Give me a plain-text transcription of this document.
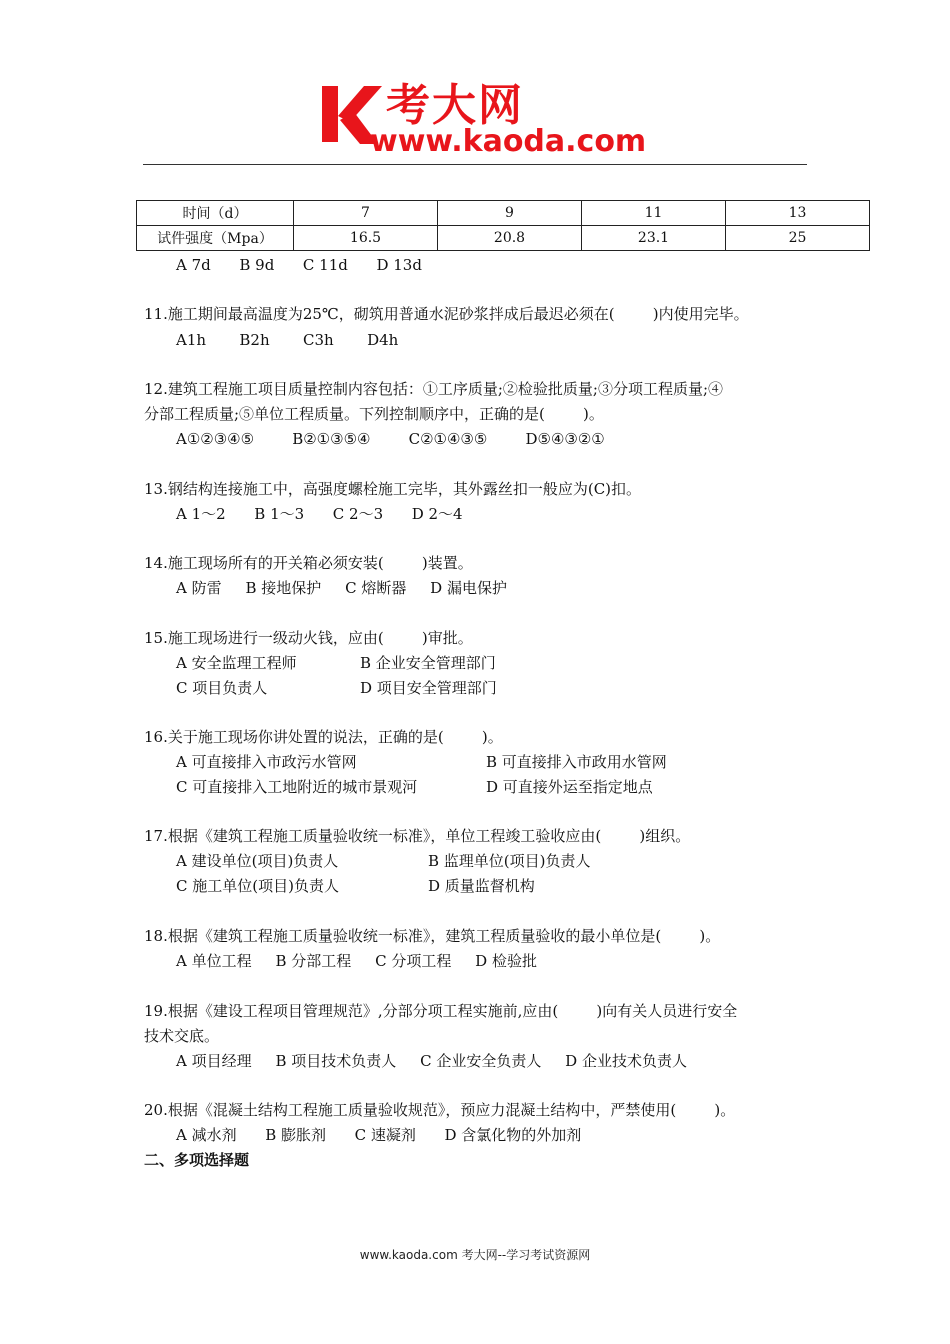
考大网
www.kaoda.com
时间（d）	7	9	11	13
试件强度（Mpa）	16.5	20.8	23.1	25
A 7d      B 9d      C 11d      D 13d
11.施工期间最高温度为25℃，砌筑用普通水泥砂浆拌成后最迟必须在(        )内使用完毕。
A1h       B2h       C3h       D4h
12.建筑工程施工项目质量控制内容包括：①工序质量;②检验批质量;③分项工程质量;④
分部工程质量;⑤单位工程质量。下列控制顺序中，正确的是(        )。
A①②③④⑤        B②①③⑤④        C②①④③⑤        D⑤④③②①
13.钢结构连接施工中，高强度螺栓施工完毕，其外露丝扣一般应为(C)扣。
A 1～2      B 1～3      C 2～3      D 2～4
14.施工现场所有的开关箱必须安装(        )装置。
A 防雷     B 接地保护     C 熔断器     D 漏电保护
15.施工现场进行一级动火钱，应由(        )审批。
A 安全监理工程师	B 企业安全管理部门
C 项目负责人	D 项目安全管理部门
16.关于施工现场你讲处置的说法，正确的是(        )。
A 可直接排入市政污水管网	B 可直接排入市政用水管网
C 可直接排入工地附近的城市景观河	D 可直接外运至指定地点
17.根据《建筑工程施工质量验收统一标准》，单位工程竣工验收应由(        )组织。
A 建设单位(项目)负责人	B 监理单位(项目)负责人
C 施工单位(项目)负责人	D 质量监督机构
18.根据《建筑工程施工质量验收统一标准》，建筑工程质量验收的最小单位是(        )。
A 单位工程     B 分部工程     C 分项工程     D 检验批
19.根据《建设工程项目管理规范》,分部分项工程实施前,应由(        )向有关人员进行安全
技术交底。
A 项目经理     B 项目技术负责人     C 企业安全负责人     D 企业技术负责人
20.根据《混凝土结构工程施工质量验收规范》，预应力混凝土结构中，严禁使用(        )。
A 减水剂      B 膨胀剂      C 速凝剂      D 含氯化物的外加剂
二、多项选择题
www.kaoda.com 考大网--学习考试资源网
